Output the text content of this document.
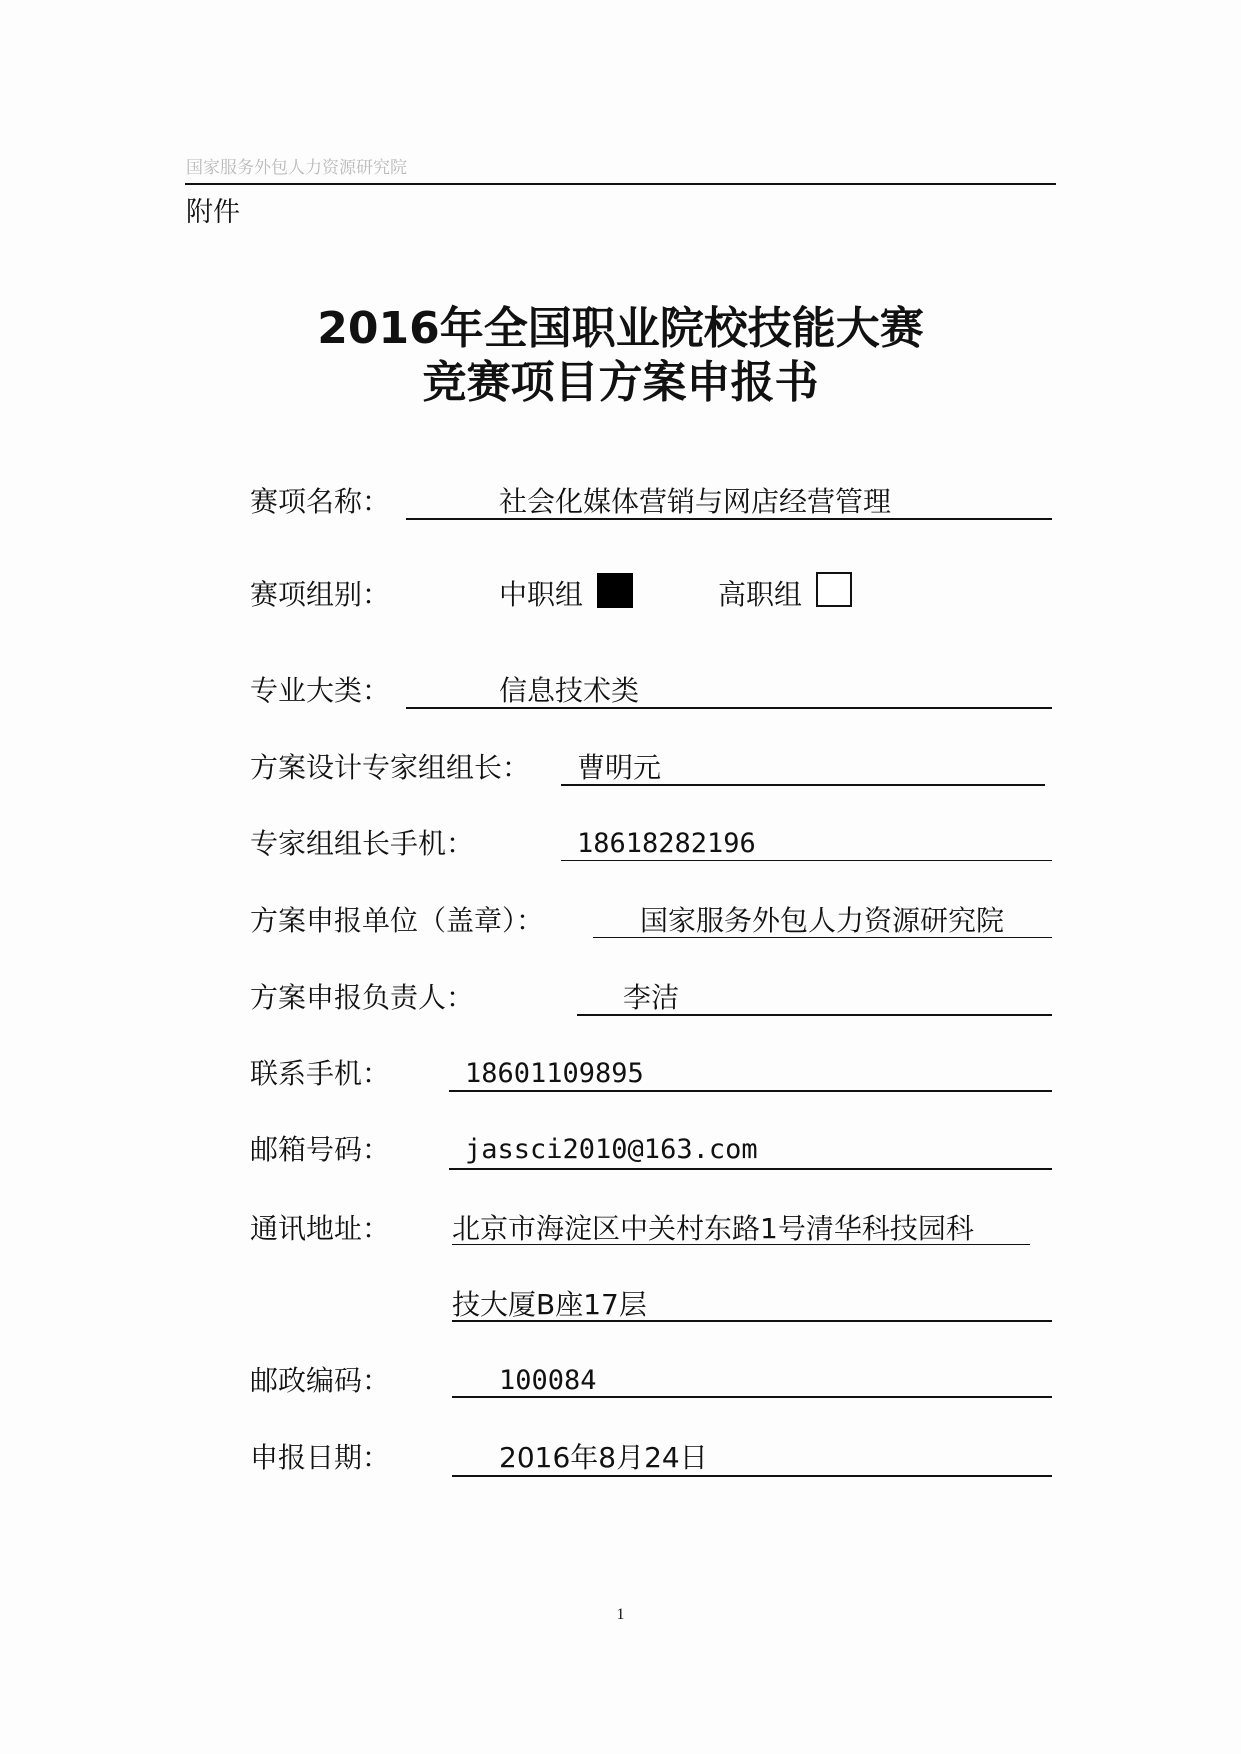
国家服务外包人力资源研究院
附件
2016年全国职业院校技能大赛
竞赛项目方案申报书
赛项名称：	社会化媒体营销与网店经营管理
赛项组别：	中职组	高职组
专业大类：	信息技术类
方案设计专家组组长： 曹明元
专家组组长手机：	18618282196
方案申报单位（盖章）：	国家服务外包人力资源研究院
方案申报负责人：	李洁
联系手机：	18601109895
邮箱号码：	jassci2010@163.com
通讯地址： 北京市海淀区中关村东路1号清华科技园科
技大厦B座17层
邮政编码：	100084
申报日期：	2016年8月24日
1
